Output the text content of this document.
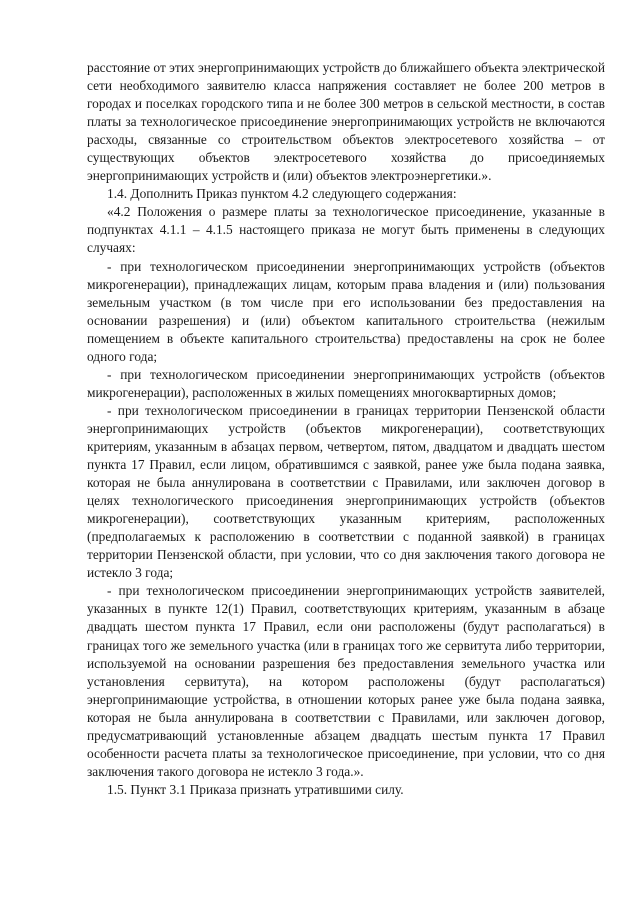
расстояние от этих энергопринимающих устройств до ближайшего объекта электрической сети необходимого заявителю класса напряжения составляет не более 200 метров в городах и поселках городского типа и не более 300 метров в сельской местности, в состав платы за технологическое присоединение энергопринимающих устройств не включаются расходы, связанные со строительством объектов электросетевого хозяйства – от существующих объектов электросетевого хозяйства до присоединяемых энергопринимающих устройств и (или) объектов электроэнергетики.».

1.4. Дополнить Приказ пунктом 4.2 следующего содержания:

«4.2 Положения о размере платы за технологическое присоединение, указанные в подпунктах 4.1.1 – 4.1.5 настоящего приказа не могут быть применены в следующих случаях:

- при технологическом присоединении энергопринимающих устройств (объектов микрогенерации), принадлежащих лицам, которым права владения и (или) пользования земельным участком (в том числе при его использовании без предоставления на основании разрешения) и (или) объектом капитального строительства (нежилым помещением в объекте капитального строительства) предоставлены на срок не более одного года;

- при технологическом присоединении энергопринимающих устройств (объектов микрогенерации), расположенных в жилых помещениях многоквартирных домов;

- при технологическом присоединении в границах территории Пензенской области энергопринимающих устройств (объектов микрогенерации), соответствующих критериям, указанным в абзацах первом, четвертом, пятом, двадцатом и двадцать шестом пункта 17 Правил, если лицом, обратившимся с заявкой, ранее уже была подана заявка, которая не была аннулирована в соответствии с Правилами, или заключен договор в целях технологического присоединения энергопринимающих устройств (объектов микрогенерации), соответствующих указанным критериям, расположенных (предполагаемых к расположению в соответствии с поданной заявкой) в границах территории Пензенской области, при условии, что со дня заключения такого договора не истекло 3 года;

- при технологическом присоединении энергопринимающих устройств заявителей, указанных в пункте 12(1) Правил, соответствующих критериям, указанным в абзаце двадцать шестом пункта 17 Правил, если они расположены (будут располагаться) в границах того же земельного участка (или в границах того же сервитута либо территории, используемой на основании разрешения без предоставления земельного участка или установления сервитута), на котором расположены (будут располагаться) энергопринимающие устройства, в отношении которых ранее уже была подана заявка, которая не была аннулирована в соответствии с Правилами, или заключен договор, предусматривающий установленные абзацем двадцать шестым пункта 17 Правил особенности расчета платы за технологическое присоединение, при условии, что со дня заключения такого договора не истекло 3 года.».

1.5. Пункт 3.1 Приказа признать утратившими силу.
